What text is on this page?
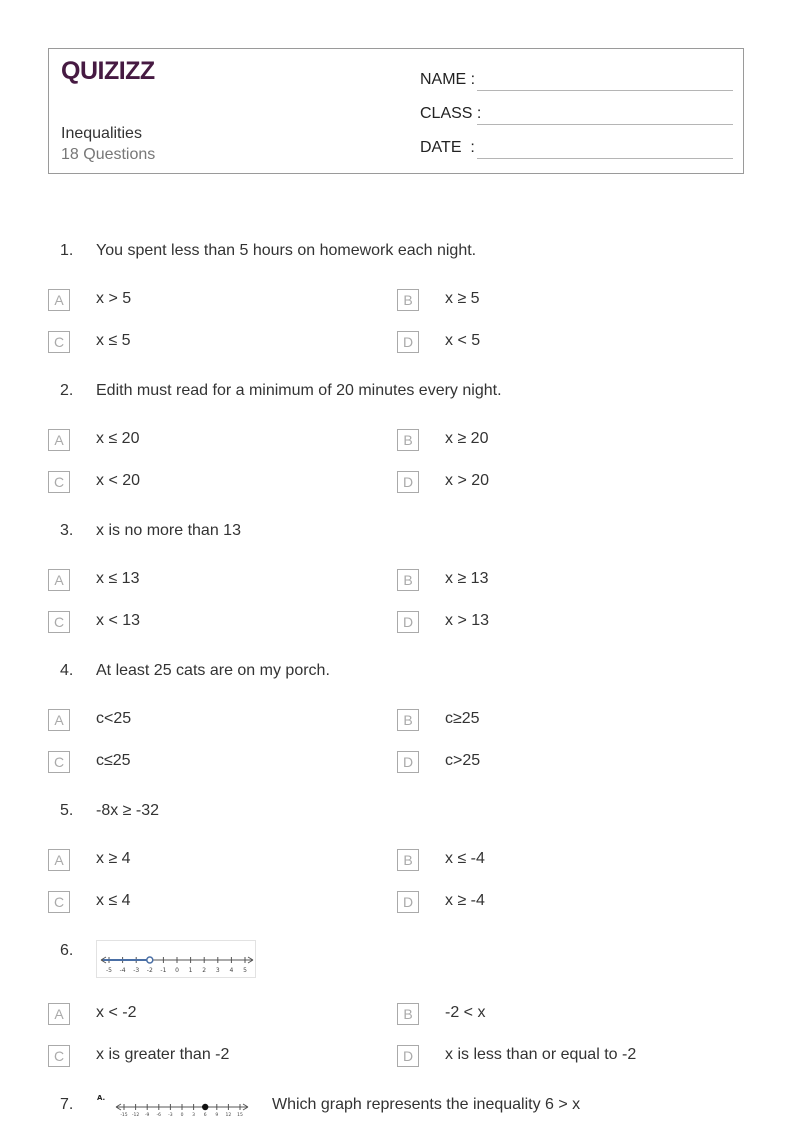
QUIZIZZ
Inequalities
18 Questions
NAME :
CLASS :
DATE  :
1.	You spent less than 5 hours on homework each night.
A	x > 5	B	x ≥ 5
C	x ≤ 5	D	x < 5
2.	Edith must read for a minimum of 20 minutes every night.
A	x ≤ 20	B	x ≥ 20
C	x < 20	D	x > 20
3.	x is no more than 13
A	x ≤ 13	B	x ≥ 13
C	x < 13	D	x > 13
4.	At least 25 cats are on my porch.
A	c<25	B	c≥25
C	c≤25	D	c>25
5.	-8x ≥ -32
A	x ≥ 4	B	x ≤ -4
C	x ≤ 4	D	x ≥ -4
6.
-5 -4 -3 -2 -1 0 1 2 3 4 5
A	x < -2	B	-2 < x
C	x is greater than -2	D	x is less than or equal to -2
7.	Which graph represents the inequality 6 > x
A.
-15 -12 -9 -6 -3 0 3 6 9 12 15
